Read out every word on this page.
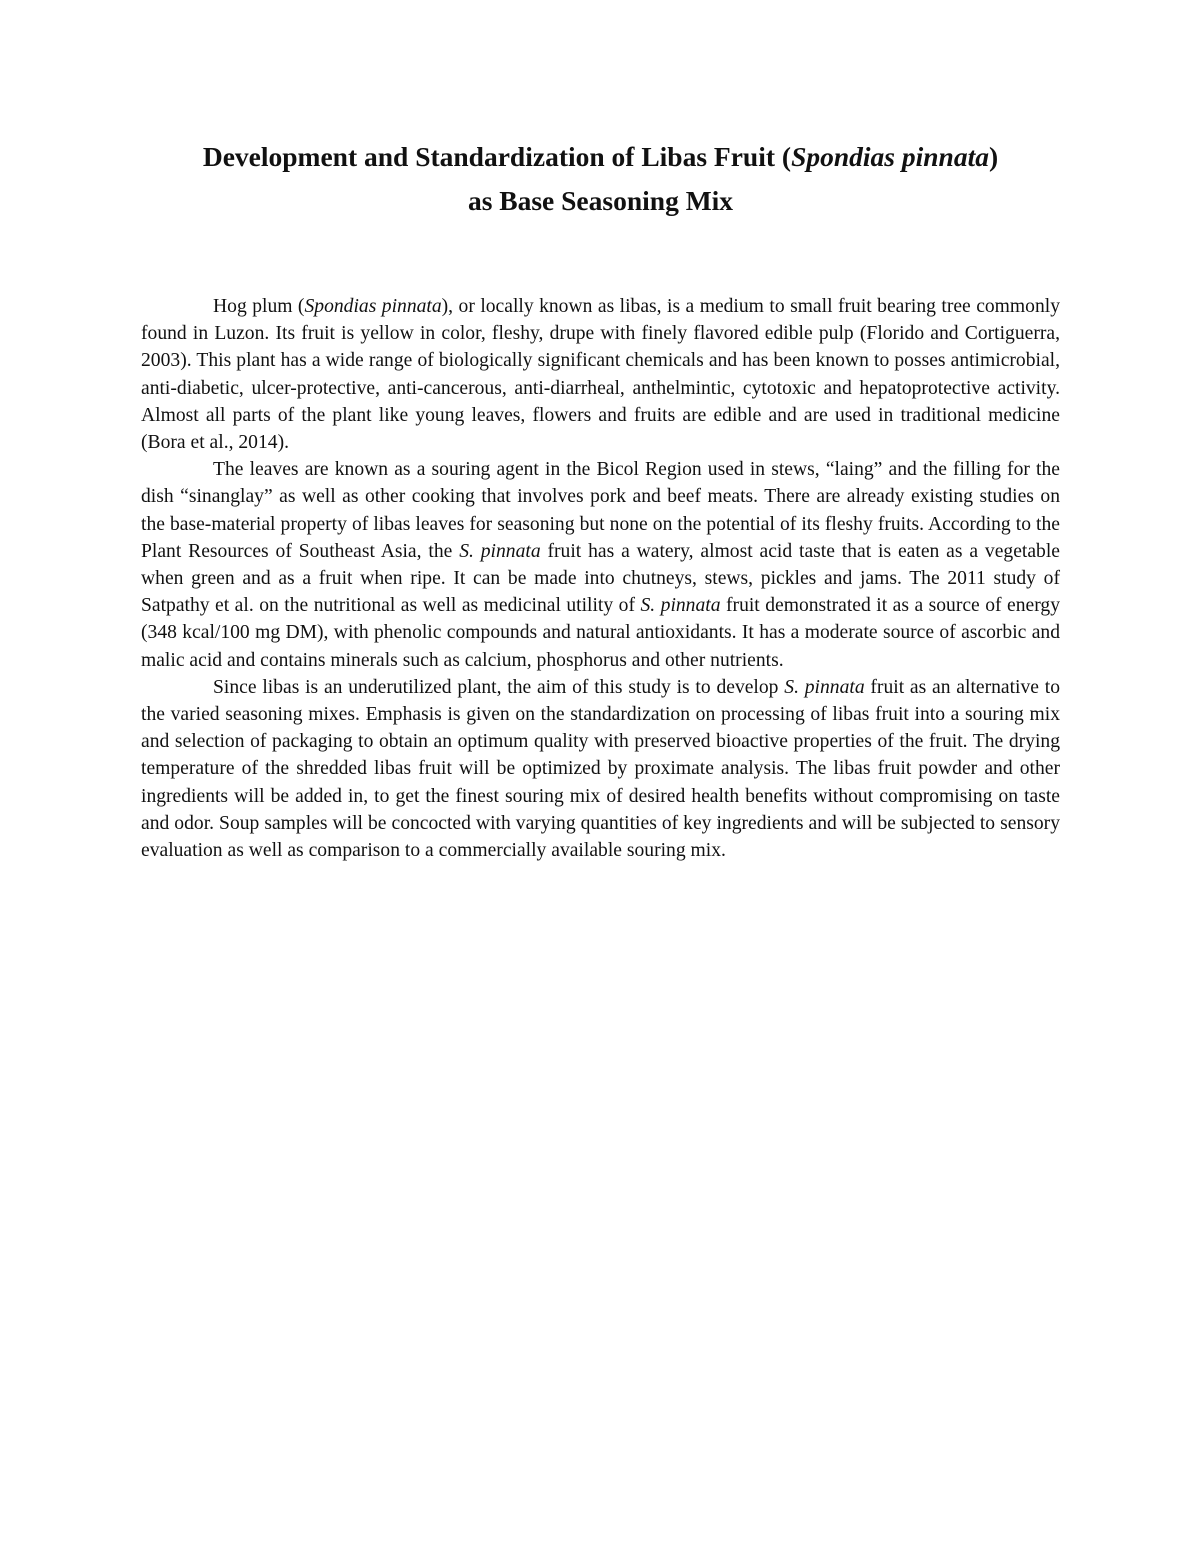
Development and Standardization of Libas Fruit (Spondias pinnata)
as Base Seasoning Mix

Hog plum (Spondias pinnata), or locally known as libas, is a medium to small fruit bearing tree commonly found in Luzon. Its fruit is yellow in color, fleshy, drupe with finely flavored edible pulp (Florido and Cortiguerra, 2003). This plant has a wide range of biologically significant chemicals and has been known to posses antimicrobial, anti-diabetic, ulcer-protective, anti-cancerous, anti-diarrheal, anthelmintic, cytotoxic and hepatoprotective activity. Almost all parts of the plant like young leaves, flowers and fruits are edible and are used in traditional medicine (Bora et al., 2014).

The leaves are known as a souring agent in the Bicol Region used in stews, “laing” and the filling for the dish “sinanglay” as well as other cooking that involves pork and beef meats. There are already existing studies on the base-material property of libas leaves for seasoning but none on the potential of its fleshy fruits. According to the Plant Resources of Southeast Asia, the S. pinnata fruit has a watery, almost acid taste that is eaten as a vegetable when green and as a fruit when ripe. It can be made into chutneys, stews, pickles and jams. The 2011 study of Satpathy et al. on the nutritional as well as medicinal utility of S. pinnata fruit demonstrated it as a source of energy (348 kcal/100 mg DM), with phenolic compounds and natural antioxidants. It has a moderate source of ascorbic and malic acid and contains minerals such as calcium, phosphorus and other nutrients.

Since libas is an underutilized plant, the aim of this study is to develop S. pinnata fruit as an alternative to the varied seasoning mixes. Emphasis is given on the standardization on processing of libas fruit into a souring mix and selection of packaging to obtain an optimum quality with preserved bioactive properties of the fruit. The drying temperature of the shredded libas fruit will be optimized by proximate analysis. The libas fruit powder and other ingredients will be added in, to get the finest souring mix of desired health benefits without compromising on taste and odor. Soup samples will be concocted with varying quantities of key ingredients and will be subjected to sensory evaluation as well as comparison to a commercially available souring mix.
